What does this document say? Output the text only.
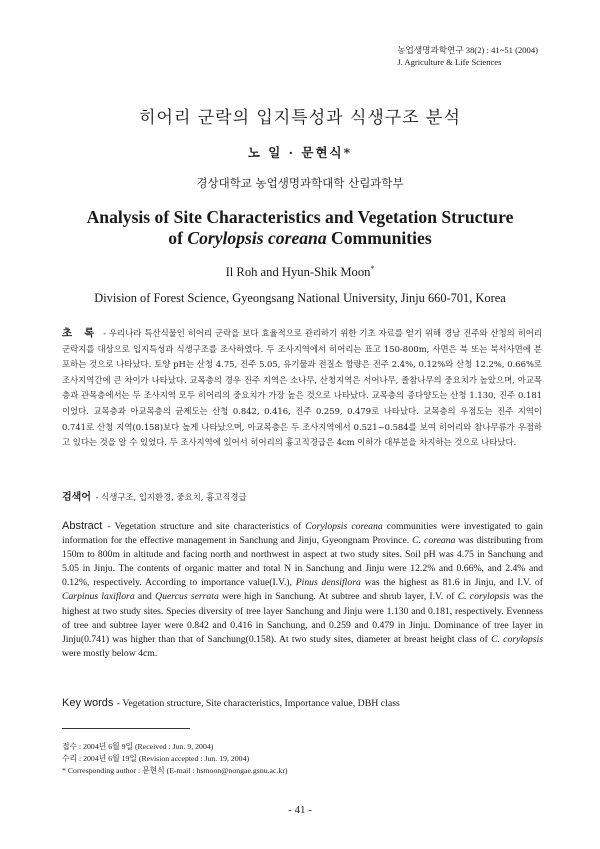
농업생명과학연구 38(2) : 41~51 (2004)
J. Agriculture & Life Sciences
히어리 군락의 입지특성과 식생구조 분석
노 일 · 문현식*
경상대학교 농업생명과학대학 산림과학부
Analysis of Site Characteristics and Vegetation Structure
of Corylopsis coreana Communities
Il Roh and Hyun-Shik Moon*
Division of Forest Science, Gyeongsang National University, Jinju 660-701, Korea
초 록 - 우리나라 특산식물인 히어리 군락을 보다 효율적으로 관리하기 위한 기초 자료를 얻기 위해 경남 진주와 산청의 히어리 군락지를 대상으로 입지특성과 식생구조를 조사하였다. 두 조사지역에서 히어리는 표고 150-800m, 사면은 북 또는 북서사면에 분포하는 것으로 나타났다. 토양 pH는 산청 4.75, 진주 5.05, 유기물과 전질소 함량은 진주 2.4%, 0.12%와 산청 12.2%, 0.66%로 조사지역간에 큰 차이가 나타났다. 교목층의 경우 진주 지역은 소나무, 산청지역은 서어나무, 졸참나무의 중요치가 높았으며, 아교목층과 관목층에서는 두 조사지역 모두 히어리의 중요치가 가장 높은 것으로 나타났다. 교목층의 종다양도는 산청 1.130, 진주 0.181이었다. 교목층과 아교목층의 균제도는 산청 0.842, 0.416, 진주 0.259, 0.479로 나타났다. 교목층의 우점도는 진주 지역이 0.741로 산청 지역(0.158)보다 높게 나타났으며, 아교목층은 두 조사지역에서 0.521~0.584를 보여 히어리와 참나무류가 우점하고 있다는 것을 알 수 있었다. 두 조사지역에 있어서 히어리의 흉고직경급은 4cm 이하가 대부분을 차지하는 것으로 나타났다.
검색어 - 식생구조, 입지환경, 중요치, 흉고직경급
Abstract - Vegetation structure and site characteristics of Corylopsis coreana communities were investigated to gain information for the effective management in Sanchung and Jinju, Gyeongnam Province. C. coreana was distributing from 150m to 800m in altitude and facing north and northwest in aspect at two study sites. Soil pH was 4.75 in Sanchung and 5.05 in Jinju. The contents of organic matter and total N in Sanchung and Jinju were 12.2% and 0.66%, and 2.4% and 0.12%, respectively. According to importance value(I.V.), Pinus densiflora was the highest as 81.6 in Jinju, and I.V. of Carpinus laxiflora and Quercus serrata were high in Sanchung. At subtree and shrub layer, I.V. of C. corylopsis was the highest at two study sites. Species diversity of tree layer Sanchung and Jinju were 1.130 and 0.181, respectively. Evenness of tree and subtree layer were 0.842 and 0.416 in Sanchung, and 0.259 and 0.479 in Jinju. Dominance of tree layer in Jinju(0.741) was higher than that of Sanchung(0.158). At two study sites, diameter at breast height class of C. corylopsis were mostly below 4cm.
Key words - Vegetation structure, Site characteristics, Importance value, DBH class
접수 : 2004년 6월 9일 (Received : Jun. 9, 2004)
수리 : 2004년 6월 19일 (Revision accepted : Jun. 19, 2004)
* Corresponding author : 문현식 (E-mail : hsmoon@nongae.gsnu.ac.kr)
- 41 -
